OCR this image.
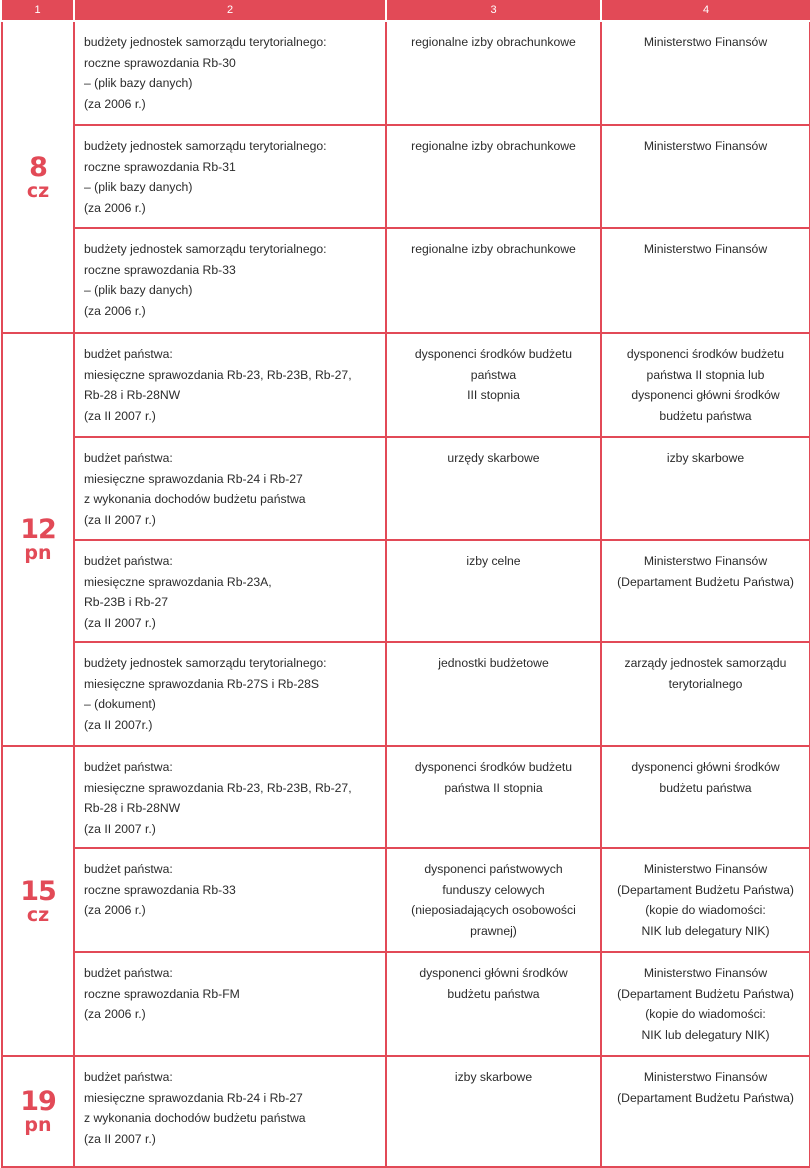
1	2	3	4

8
cz	budżety jednostek samorządu terytorialnego:
roczne sprawozdania Rb-30
– (plik bazy danych)
(za 2006 r.)	regionalne izby obrachunkowe	Ministerstwo Finansów

	budżety jednostek samorządu terytorialnego:
roczne sprawozdania Rb-31
– (plik bazy danych)
(za 2006 r.)	regionalne izby obrachunkowe	Ministerstwo Finansów

	budżety jednostek samorządu terytorialnego:
roczne sprawozdania Rb-33
– (plik bazy danych)
(za 2006 r.)	regionalne izby obrachunkowe	Ministerstwo Finansów

12
pn	budżet państwa:
miesięczne sprawozdania Rb-23, Rb-23B, Rb-27,
Rb-28 i Rb-28NW
(za II 2007 r.)	dysponenci środków budżetu
państwa
III stopnia	dysponenci środków budżetu
państwa II stopnia lub
dysponenci główni środków
budżetu państwa

	budżet państwa:
miesięczne sprawozdania Rb-24 i Rb-27
z wykonania dochodów budżetu państwa
(za II 2007 r.)	urzędy skarbowe	izby skarbowe

	budżet państwa:
miesięczne sprawozdania Rb-23A,
Rb-23B i Rb-27
(za II 2007 r.)	izby celne	Ministerstwo Finansów
(Departament Budżetu Państwa)

	budżety jednostek samorządu terytorialnego:
miesięczne sprawozdania Rb-27S i Rb-28S
– (dokument)
(za II 2007r.)	jednostki budżetowe	zarządy jednostek samorządu
terytorialnego

15
cz	budżet państwa:
miesięczne sprawozdania Rb-23, Rb-23B, Rb-27,
Rb-28 i Rb-28NW
(za II 2007 r.)	dysponenci środków budżetu
państwa II stopnia	dysponenci główni środków
budżetu państwa

	budżet państwa:
roczne sprawozdania Rb-33
(za 2006 r.)	dysponenci państwowych
funduszy celowych
(nieposiadających osobowości
prawnej)	Ministerstwo Finansów
(Departament Budżetu Państwa)
(kopie do wiadomości:
NIK lub delegatury NIK)

	budżet państwa:
roczne sprawozdania Rb-FM
(za 2006 r.)	dysponenci główni środków
budżetu państwa	Ministerstwo Finansów
(Departament Budżetu Państwa)
(kopie do wiadomości:
NIK lub delegatury NIK)

19
pn	budżet państwa:
miesięczne sprawozdania Rb-24 i Rb-27
z wykonania dochodów budżetu państwa
(za II 2007 r.)	izby skarbowe	Ministerstwo Finansów
(Departament Budżetu Państwa)
